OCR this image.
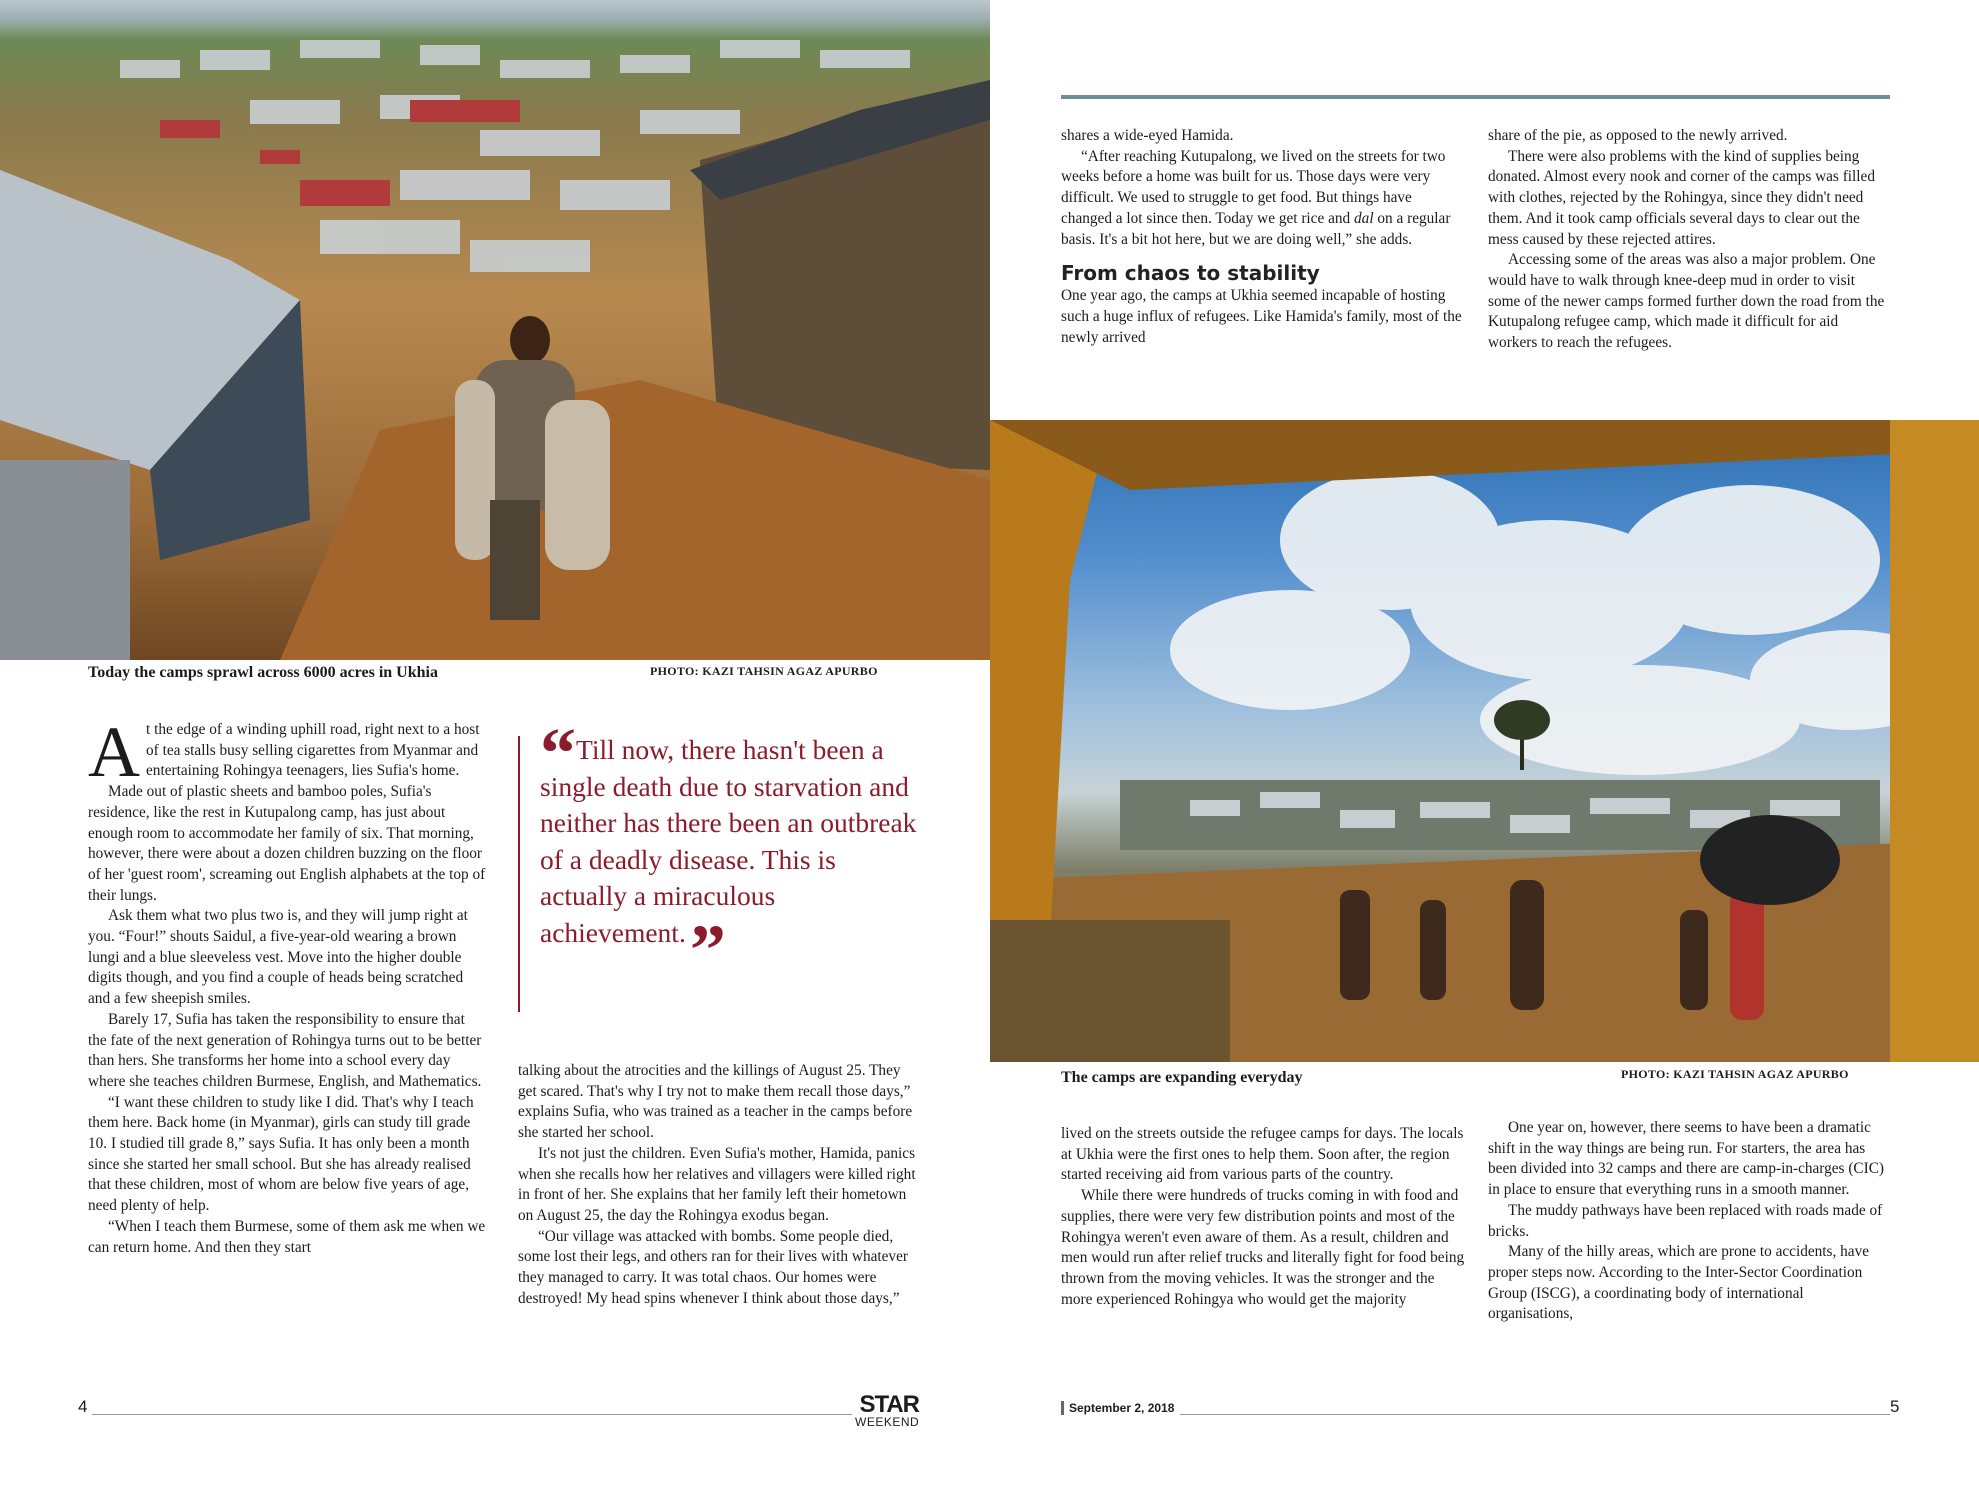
Today the camps sprawl across 6000 acres in Ukhia	PHOTO: KAZI TAHSIN AGAZ APURBO

At the edge of a winding uphill road, right next to a host of tea stalls busy selling cigarettes from Myanmar and entertaining Rohingya teenagers, lies Sufia's home.

Made out of plastic sheets and bamboo poles, Sufia's residence, like the rest in Kutupalong camp, has just about enough room to accommodate her family of six. That morning, however, there were about a dozen children buzzing on the floor of her 'guest room', screaming out English alphabets at the top of their lungs.

Ask them what two plus two is, and they will jump right at you. “Four!” shouts Saidul, a five-year-old wearing a brown lungi and a blue sleeveless vest. Move into the higher double digits though, and you find a couple of heads being scratched and a few sheepish smiles.

Barely 17, Sufia has taken the responsibility to ensure that the fate of the next generation of Rohingya turns out to be better than hers. She transforms her home into a school every day where she teaches children Burmese, English, and Mathematics.

“I want these children to study like I did. That's why I teach them here. Back home (in Myanmar), girls can study till grade 10. I studied till grade 8,” says Sufia. It has only been a month since she started her small school. But she has already realised that these children, most of whom are below five years of age, need plenty of help.

“When I teach them Burmese, some of them ask me when we can return home. And then they start

“ Till now, there hasn't been a single death due to starvation and neither has there been an outbreak of a deadly disease. This is actually a miraculous achievement.”

talking about the atrocities and the killings of August 25. They get scared. That's why I try not to make them recall those days,” explains Sufia, who was trained as a teacher in the camps before she started her school.

It's not just the children. Even Sufia's mother, Hamida, panics when she recalls how her relatives and villagers were killed right in front of her. She explains that her family left their hometown on August 25, the day the Rohingya exodus began.

“Our village was attacked with bombs. Some people died, some lost their legs, and others ran for their lives with whatever they managed to carry. It was total chaos. Our homes were destroyed! My head spins whenever I think about those days,”

shares a wide-eyed Hamida.

“After reaching Kutupalong, we lived on the streets for two weeks before a home was built for us. Those days were very difficult. We used to struggle to get food. But things have changed a lot since then. Today we get rice and dal on a regular basis. It's a bit hot here, but we are doing well,” she adds.

From chaos to stability

One year ago, the camps at Ukhia seemed incapable of hosting such a huge influx of refugees. Like Hamida's family, most of the newly arrived

share of the pie, as opposed to the newly arrived.

There were also problems with the kind of supplies being donated. Almost every nook and corner of the camps was filled with clothes, rejected by the Rohingya, since they didn't need them. And it took camp officials several days to clear out the mess caused by these rejected attires.

Accessing some of the areas was also a major problem. One would have to walk through knee-deep mud in order to visit some of the newer camps formed further down the road from the Kutupalong refugee camp, which made it difficult for aid workers to reach the refugees.

The camps are expanding everyday	PHOTO: KAZI TAHSIN AGAZ APURBO

lived on the streets outside the refugee camps for days. The locals at Ukhia were the first ones to help them. Soon after, the region started receiving aid from various parts of the country.

While there were hundreds of trucks coming in with food and supplies, there were very few distribution points and most of the Rohingya weren't even aware of them. As a result, children and men would run after relief trucks and literally fight for food being thrown from the moving vehicles. It was the stronger and the more experienced Rohingya who would get the majority

One year on, however, there seems to have been a dramatic shift in the way things are being run. For starters, the area has been divided into 32 camps and there are camp-in-charges (CIC) in place to ensure that everything runs in a smooth manner.

The muddy pathways have been replaced with roads made of bricks.

Many of the hilly areas, which are prone to accidents, have proper steps now. According to the Inter-Sector Coordination Group (ISCG), a coordinating body of international organisations,

4	STAR
WEEKEND
September 2, 2018	5
